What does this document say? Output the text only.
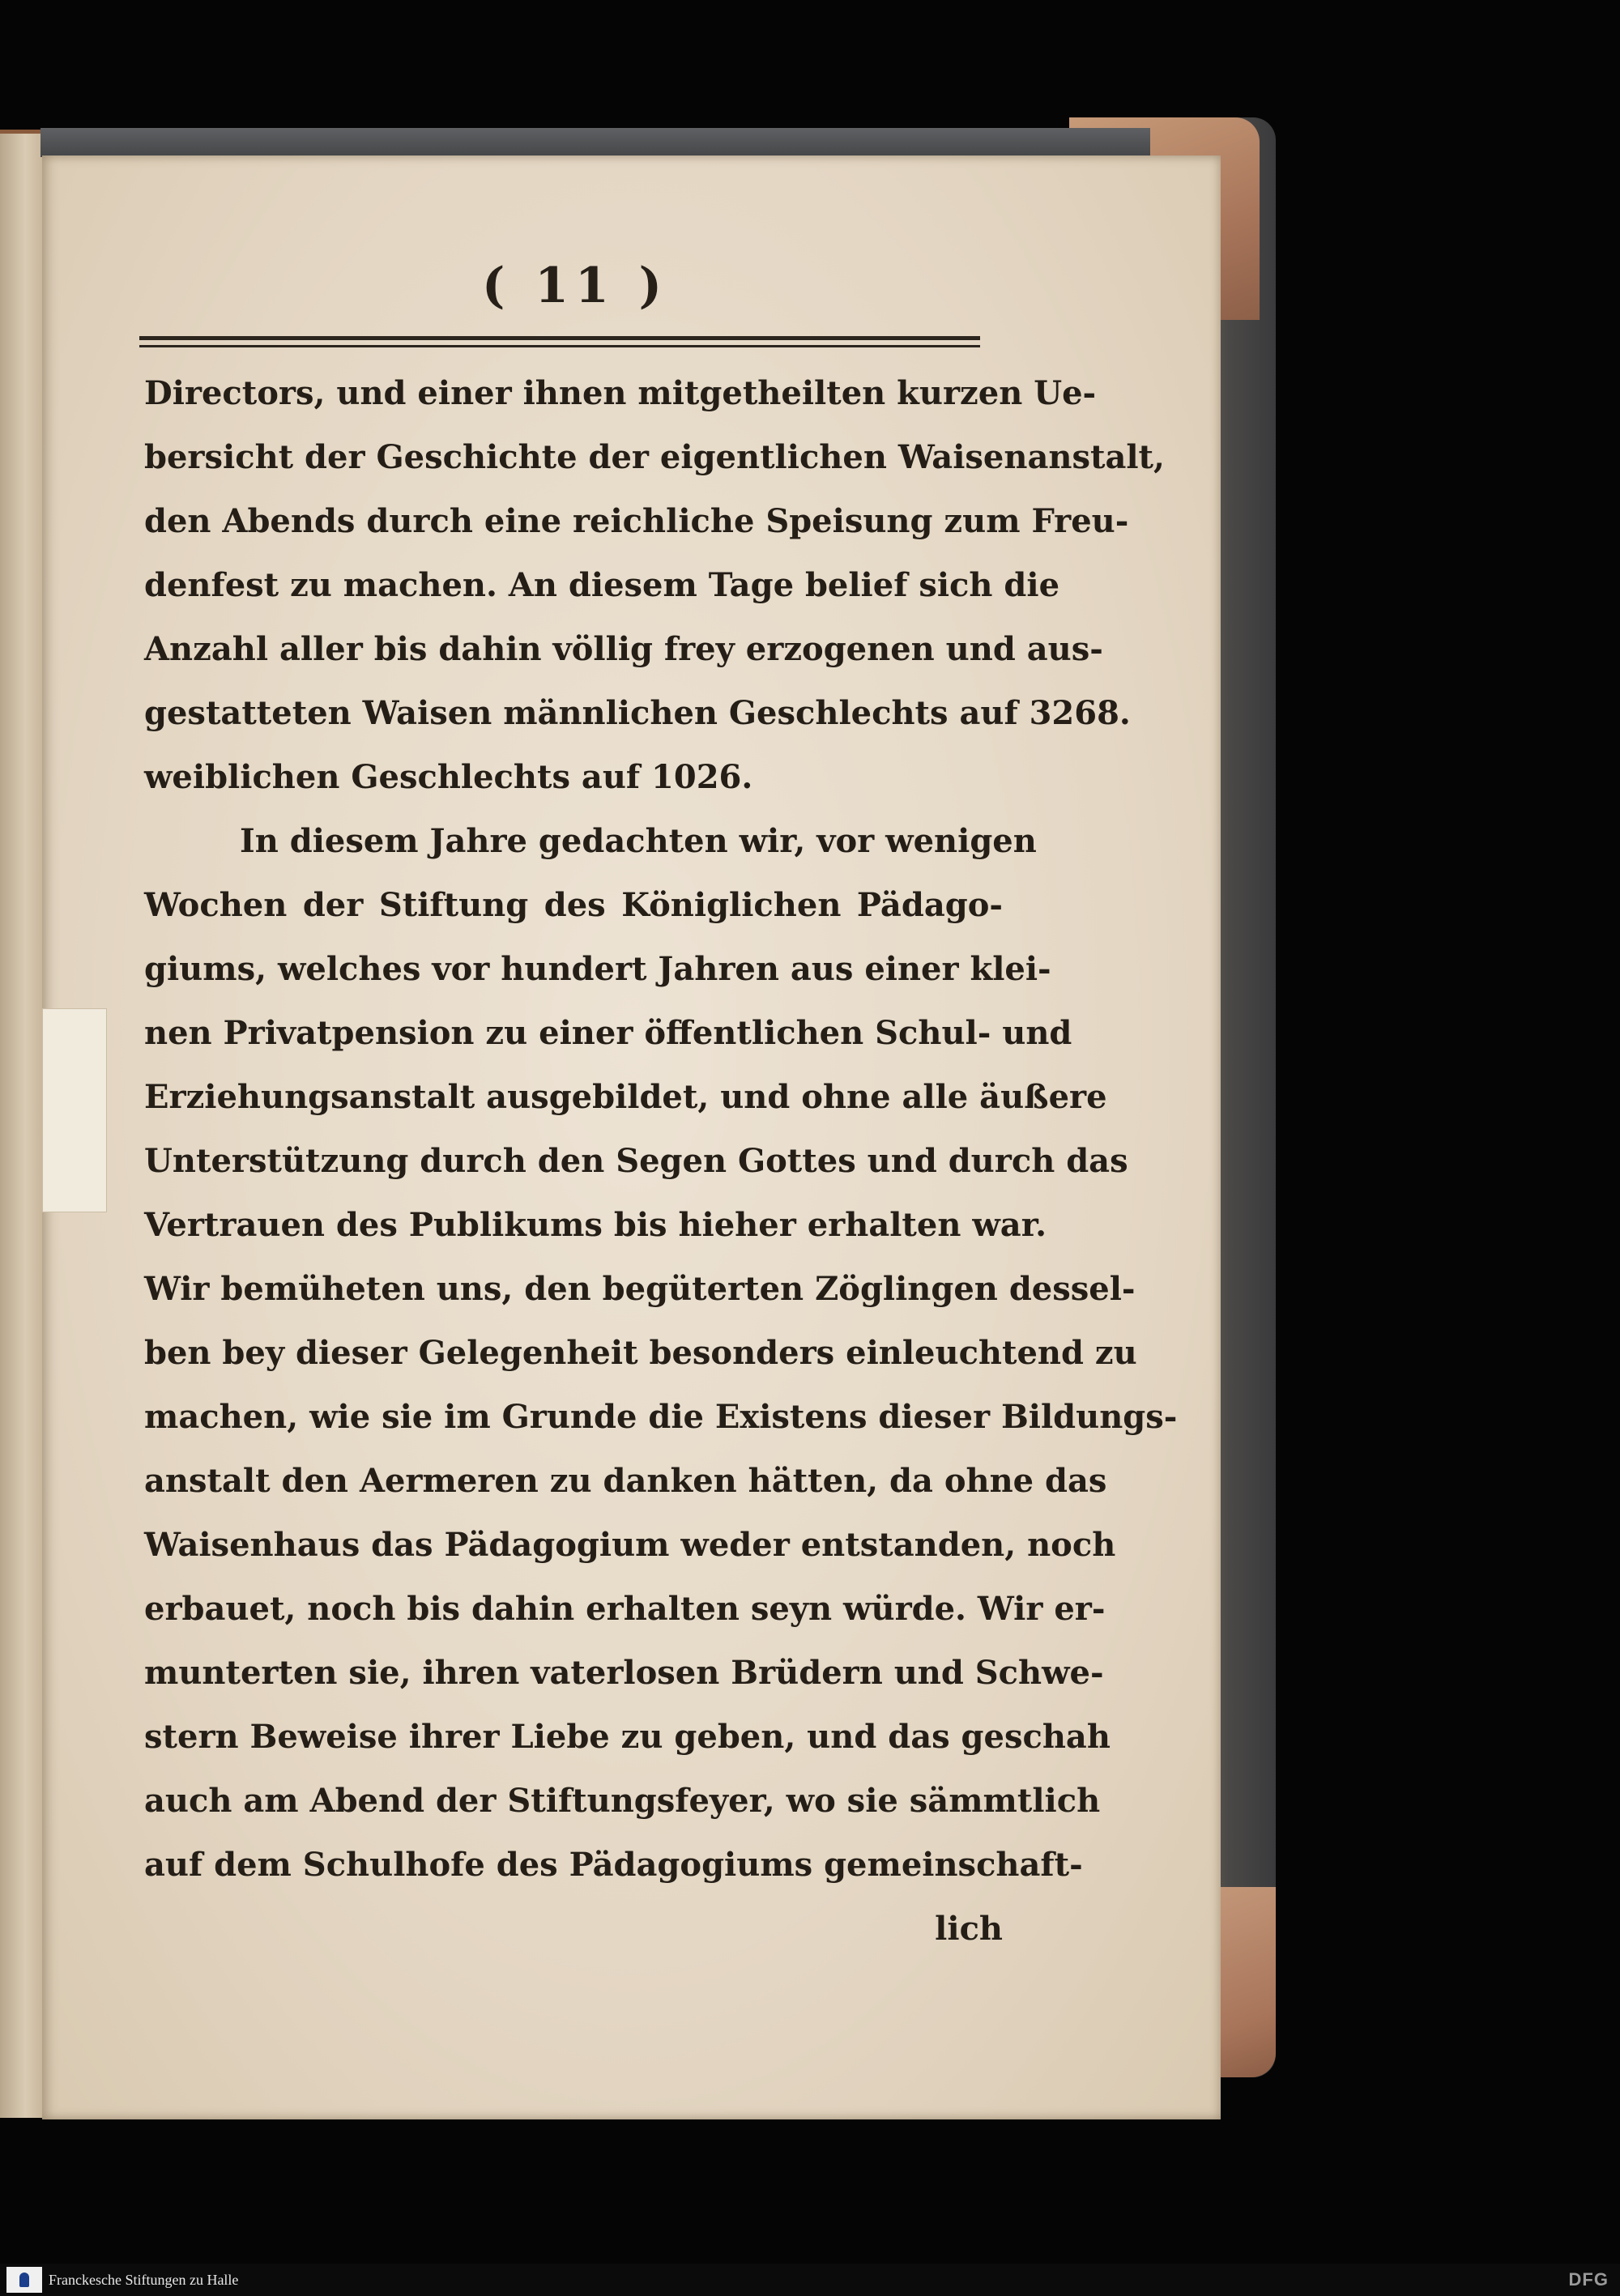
( 11 )
Directors, und einer ihnen mitgetheilten kurzen Ue-
bersicht der Geschichte der eigentlichen Waisenanstalt,
den Abends durch eine reichliche Speisung zum Freu-
denfest zu machen. An diesem Tage belief sich die
Anzahl aller bis dahin völlig frey erzogenen und aus-
gestatteten Waisen männlichen Geschlechts auf 3268.
weiblichen Geschlechts auf 1026.
In diesem Jahre gedachten wir, vor wenigen
Wochen der Stiftung des Königlichen Pädago-
giums, welches vor hundert Jahren aus einer klei-
nen Privatpension zu einer öffentlichen Schul- und
Erziehungsanstalt ausgebildet, und ohne alle äußere
Unterstützung durch den Segen Gottes und durch das
Vertrauen des Publikums bis hieher erhalten war.
Wir bemüheten uns, den begüterten Zöglingen dessel-
ben bey dieser Gelegenheit besonders einleuchtend zu
machen, wie sie im Grunde die Existens dieser Bildungs-
anstalt den Aermeren zu danken hätten, da ohne das
Waisenhaus das Pädagogium weder entstanden, noch
erbauet, noch bis dahin erhalten seyn würde. Wir er-
munterten sie, ihren vaterlosen Brüdern und Schwe-
stern Beweise ihrer Liebe zu geben, und das geschah
auch am Abend der Stiftungsfeyer, wo sie sämmtlich
auf dem Schulhofe des Pädagogiums gemeinschaft-
lich
Franckesche Stiftungen zu Halle	DFG
